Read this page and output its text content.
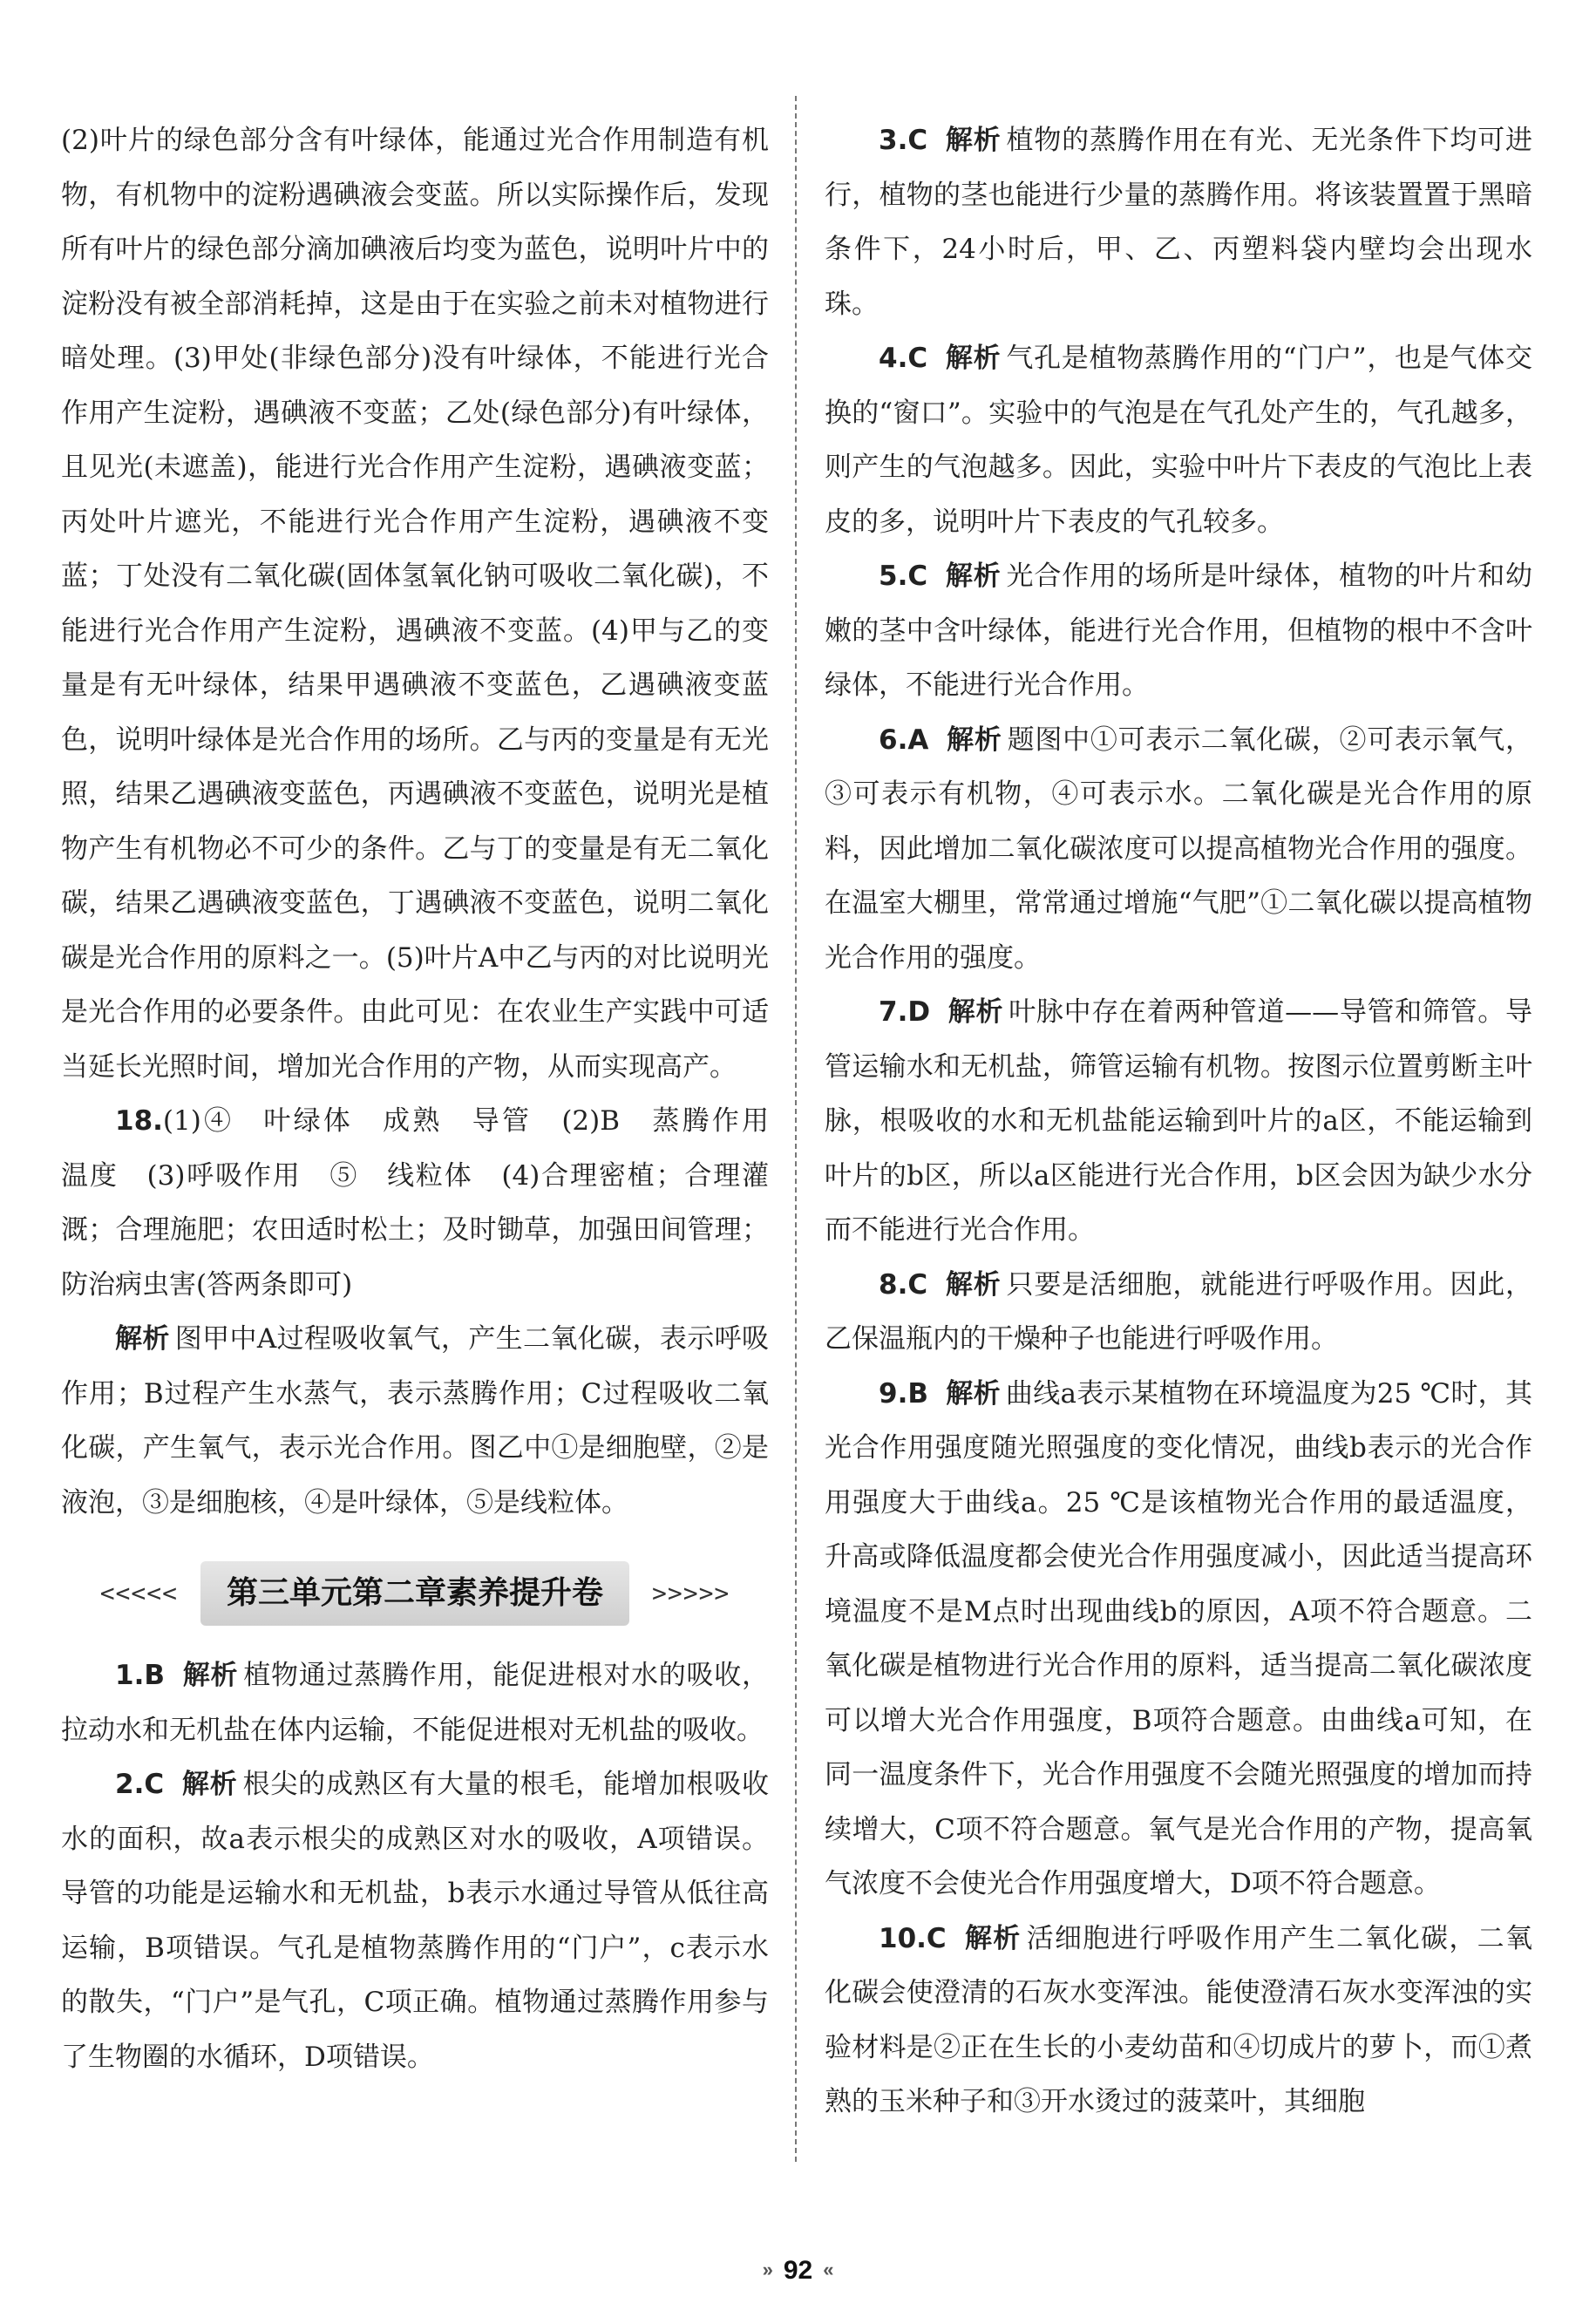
(2)叶片的绿色部分含有叶绿体，能通过光合作用制造有机物，有机物中的淀粉遇碘液会变蓝。所以实际操作后，发现所有叶片的绿色部分滴加碘液后均变为蓝色，说明叶片中的淀粉没有被全部消耗掉，这是由于在实验之前未对植物进行暗处理。(3)甲处(非绿色部分)没有叶绿体，不能进行光合作用产生淀粉，遇碘液不变蓝；乙处(绿色部分)有叶绿体，且见光(未遮盖)，能进行光合作用产生淀粉，遇碘液变蓝；丙处叶片遮光，不能进行光合作用产生淀粉，遇碘液不变蓝；丁处没有二氧化碳(固体氢氧化钠可吸收二氧化碳)，不能进行光合作用产生淀粉，遇碘液不变蓝。(4)甲与乙的变量是有无叶绿体，结果甲遇碘液不变蓝色，乙遇碘液变蓝色，说明叶绿体是光合作用的场所。乙与丙的变量是有无光照，结果乙遇碘液变蓝色，丙遇碘液不变蓝色，说明光是植物产生有机物必不可少的条件。乙与丁的变量是有无二氧化碳，结果乙遇碘液变蓝色，丁遇碘液不变蓝色，说明二氧化碳是光合作用的原料之一。(5)叶片A中乙与丙的对比说明光是光合作用的必要条件。由此可见：在农业生产实践中可适当延长光照时间，增加光合作用的产物，从而实现高产。

18.(1)④　叶绿体　成熟　导管　(2)B　蒸腾作用　温度　(3)呼吸作用　⑤　线粒体　(4)合理密植；合理灌溉；合理施肥；农田适时松土；及时锄草，加强田间管理；防治病虫害(答两条即可)

解析 图甲中A过程吸收氧气，产生二氧化碳，表示呼吸作用；B过程产生水蒸气，表示蒸腾作用；C过程吸收二氧化碳，产生氧气，表示光合作用。图乙中①是细胞壁，②是液泡，③是细胞核，④是叶绿体，⑤是线粒体。

<<<<<	第三单元第二章素养提升卷	>>>>>

1.B 解析 植物通过蒸腾作用，能促进根对水的吸收，拉动水和无机盐在体内运输，不能促进根对无机盐的吸收。

2.C 解析 根尖的成熟区有大量的根毛，能增加根吸收水的面积，故a表示根尖的成熟区对水的吸收，A项错误。导管的功能是运输水和无机盐，b表示水通过导管从低往高运输，B项错误。气孔是植物蒸腾作用的“门户”，c表示水的散失，“门户”是气孔，C项正确。植物通过蒸腾作用参与了生物圈的水循环，D项错误。

3.C 解析 植物的蒸腾作用在有光、无光条件下均可进行，植物的茎也能进行少量的蒸腾作用。将该装置置于黑暗条件下，24小时后，甲、乙、丙塑料袋内壁均会出现水珠。

4.C 解析 气孔是植物蒸腾作用的“门户”，也是气体交换的“窗口”。实验中的气泡是在气孔处产生的，气孔越多，则产生的气泡越多。因此，实验中叶片下表皮的气泡比上表皮的多，说明叶片下表皮的气孔较多。

5.C 解析 光合作用的场所是叶绿体，植物的叶片和幼嫩的茎中含叶绿体，能进行光合作用，但植物的根中不含叶绿体，不能进行光合作用。

6.A 解析 题图中①可表示二氧化碳，②可表示氧气，③可表示有机物，④可表示水。二氧化碳是光合作用的原料，因此增加二氧化碳浓度可以提高植物光合作用的强度。在温室大棚里，常常通过增施“气肥”①二氧化碳以提高植物光合作用的强度。

7.D 解析 叶脉中存在着两种管道——导管和筛管。导管运输水和无机盐，筛管运输有机物。按图示位置剪断主叶脉，根吸收的水和无机盐能运输到叶片的a区，不能运输到叶片的b区，所以a区能进行光合作用，b区会因为缺少水分而不能进行光合作用。

8.C 解析 只要是活细胞，就能进行呼吸作用。因此，乙保温瓶内的干燥种子也能进行呼吸作用。

9.B 解析 曲线a表示某植物在环境温度为25 ℃时，其光合作用强度随光照强度的变化情况，曲线b表示的光合作用强度大于曲线a。25 ℃是该植物光合作用的最适温度，升高或降低温度都会使光合作用强度减小，因此适当提高环境温度不是M点时出现曲线b的原因，A项不符合题意。二氧化碳是植物进行光合作用的原料，适当提高二氧化碳浓度可以增大光合作用强度，B项符合题意。由曲线a可知，在同一温度条件下，光合作用强度不会随光照强度的增加而持续增大，C项不符合题意。氧气是光合作用的产物，提高氧气浓度不会使光合作用强度增大，D项不符合题意。

10.C 解析 活细胞进行呼吸作用产生二氧化碳，二氧化碳会使澄清的石灰水变浑浊。能使澄清石灰水变浑浊的实验材料是②正在生长的小麦幼苗和④切成片的萝卜，而①煮熟的玉米种子和③开水烫过的菠菜叶，其细胞

» 92 «
